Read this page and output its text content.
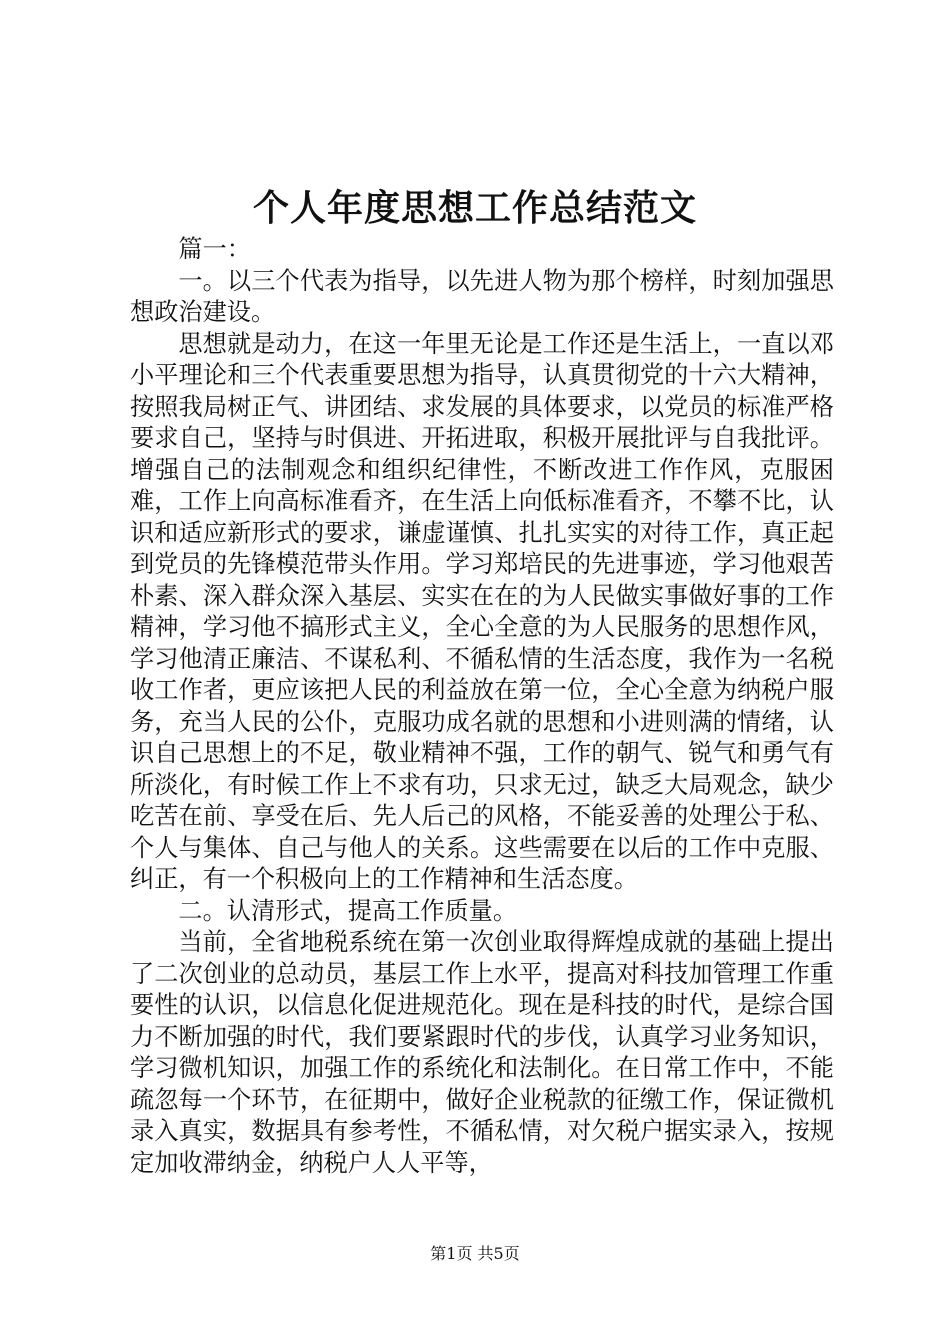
个人年度思想工作总结范文

篇一：

一。以三个代表为指导，以先进人物为那个榜样，时刻加强思想政治建设。

思想就是动力，在这一年里无论是工作还是生活上，一直以邓小平理论和三个代表重要思想为指导，认真贯彻党的十六大精神，按照我局树正气、讲团结、求发展的具体要求，以党员的标准严格要求自己，坚持与时俱进、开拓进取，积极开展批评与自我批评。增强自己的法制观念和组织纪律性，不断改进工作作风，克服困难，工作上向高标准看齐，在生活上向低标准看齐，不攀不比，认识和适应新形式的要求，谦虚谨慎、扎扎实实的对待工作，真正起到党员的先锋模范带头作用。学习郑培民的先进事迹，学习他艰苦朴素、深入群众深入基层、实实在在的为人民做实事做好事的工作精神，学习他不搞形式主义，全心全意的为人民服务的思想作风，学习他清正廉洁、不谋私利、不循私情的生活态度，我作为一名税收工作者，更应该把人民的利益放在第一位，全心全意为纳税户服务，充当人民的公仆，克服功成名就的思想和小进则满的情绪，认识自己思想上的不足，敬业精神不强，工作的朝气、锐气和勇气有所淡化，有时候工作上不求有功，只求无过，缺乏大局观念，缺少吃苦在前、享受在后、先人后己的风格，不能妥善的处理公于私、个人与集体、自己与他人的关系。这些需要在以后的工作中克服、纠正，有一个积极向上的工作精神和生活态度。

二。认清形式，提高工作质量。

当前，全省地税系统在第一次创业取得辉煌成就的基础上提出了二次创业的总动员，基层工作上水平，提高对科技加管理工作重要性的认识，以信息化促进规范化。现在是科技的时代，是综合国力不断加强的时代，我们要紧跟时代的步伐，认真学习业务知识，学习微机知识，加强工作的系统化和法制化。在日常工作中，不能疏忽每一个环节，在征期中，做好企业税款的征缴工作，保证微机录入真实，数据具有参考性，不循私情，对欠税户据实录入，按规定加收滞纳金，纳税户人人平等，

第1页 共5页
